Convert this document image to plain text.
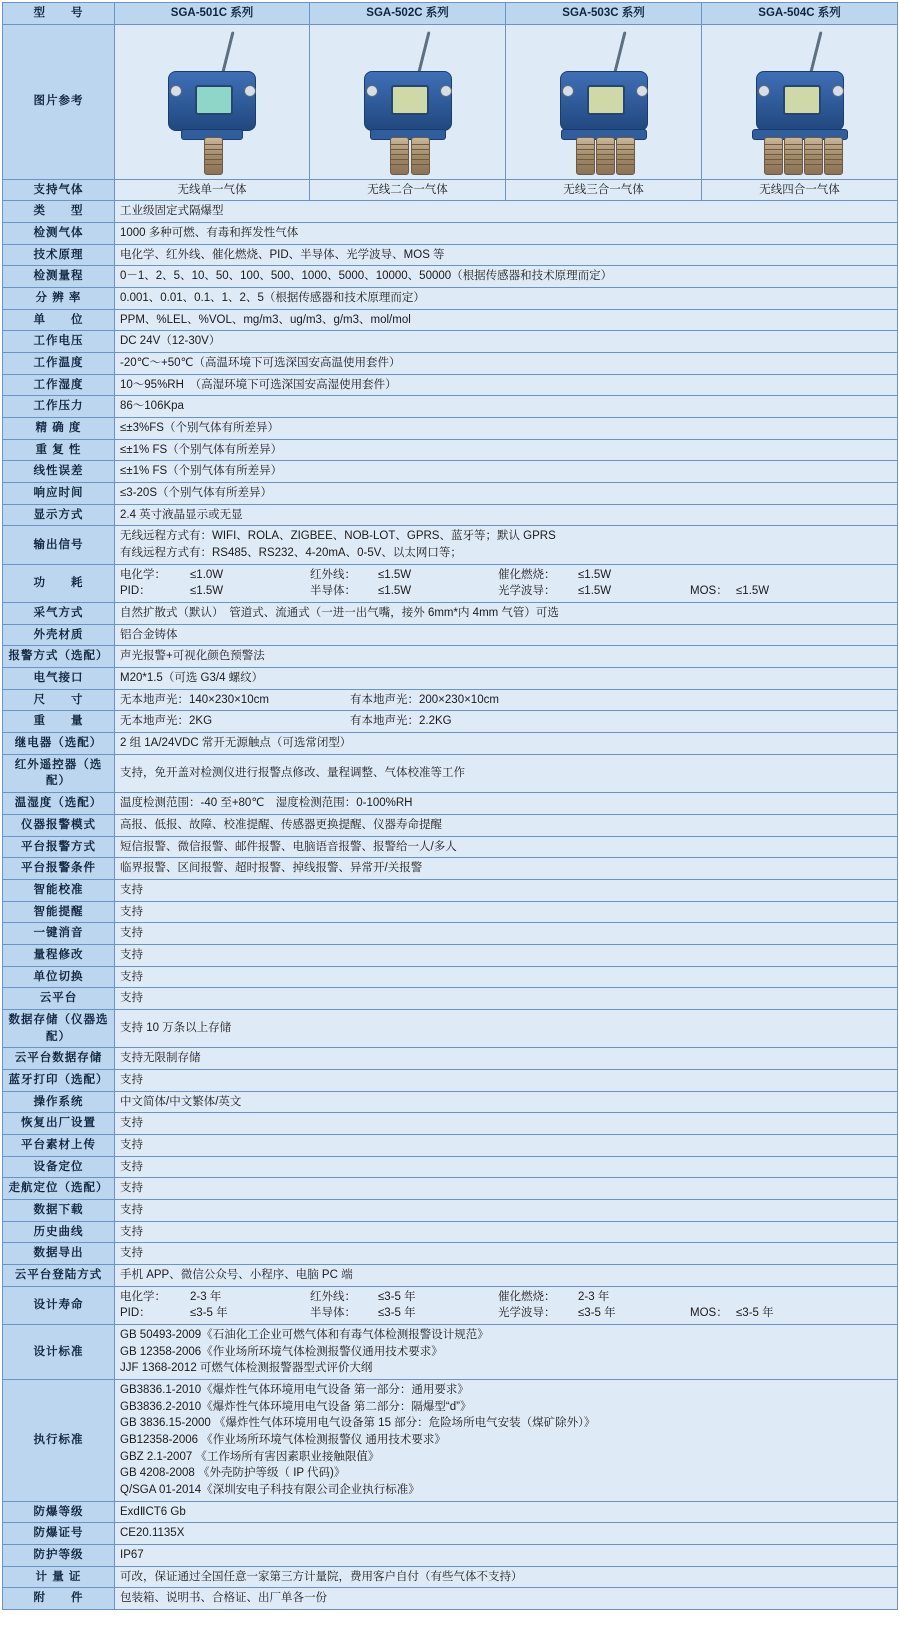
型　　号	SGA-501C 系列	SGA-502C 系列	SGA-503C 系列	SGA-504C 系列
图片参考	

支持气体	无线单一气体	无线二合一气体	无线三合一气体	无线四合一气体
类　　型	工业级固定式隔爆型			
检测气体	1000 多种可燃、有毒和挥发性气体			
技术原理	电化学、红外线、催化燃烧、PID、半导体、光学波导、MOS 等			
检测量程	0－1、2、5、10、50、100、500、1000、5000、10000、50000（根据传感器和技术原理而定）			
分 辨 率	0.001、0.01、0.1、1、2、5（根据传感器和技术原理而定）			
单　　位	PPM、%LEL、%VOL、mg/m3、ug/m3、g/m3、mol/mol			
工作电压	DC 24V（12-30V）			
工作温度	-20℃～+50℃（高温环境下可选深国安高温使用套件）			
工作湿度	10～95%RH　（高湿环境下可选深国安高湿使用套件）			
工作压力	86～106Kpa			
精 确 度	≤±3%FS（个别气体有所差异）			
重 复 性	≤±1% FS（个别气体有所差异）			
线性误差	≤±1% FS（个别气体有所差异）			
响应时间	≤3-20S（个别气体有所差异）			
显示方式	2.4 英寸液晶显示或无显			
输出信号	无线远程方式有：WIFI、ROLA、ZIGBEE、NOB-LOT、GPRS、蓝牙等；默认 GPRS
有线远程方式有：RS485、RS232、4-20mA、0-5V、以太网口等；			

功　　耗	电化学： ≤1.0W 红外线： ≤1.5W 催化燃烧： ≤1.5W
PID： ≤1.5W 半导体： ≤1.5W 光学波导： ≤1.5W MOS： ≤1.5W			

采气方式	自然扩散式（默认）　管道式、流通式（一进一出气嘴，接外 6mm*内 4mm 气管）可选			
外壳材质	铝合金铸体			
报警方式（选配）	声光报警+可视化颜色预警法			
电气接口	M20*1.5（可选 G3/4 螺纹）			
尺　　寸	无本地声光：140×230×10cm 有本地声光：200×230×10cm			
重　　量	无本地声光：2KG 有本地声光：2.2KG			
继电器（选配）	2 组 1A/24VDC 常开无源触点（可选常闭型）			
红外遥控器（选配）	支持，免开盖对检测仪进行报警点修改、量程调整、气体校准等工作			
温湿度（选配）	温度检测范围：-40 至+80℃　湿度检测范围：0-100%RH			
仪器报警模式	高报、低报、故障、校准提醒、传感器更换提醒、仪器寿命提醒			
平台报警方式	短信报警、微信报警、邮件报警、电脑语音报警、报警给一人/多人			
平台报警条件	临界报警、区间报警、超时报警、掉线报警、异常开/关报警			
智能校准	支持			
智能提醒	支持			
一键消音	支持			
量程修改	支持			
单位切换	支持			
云平台	支持			
数据存储（仪器选配）	支持 10 万条以上存储			
云平台数据存储	支持无限制存储			
蓝牙打印（选配）	支持			
操作系统	中文简体/中文繁体/英文			
恢复出厂设置	支持			
平台素材上传	支持			
设备定位	支持			
走航定位（选配）	支持			
数据下载	支持			
历史曲线	支持			
数据导出	支持			
云平台登陆方式	手机 APP、微信公众号、小程序、电脑 PC 端			
设计寿命	电化学： 2-3 年 红外线： ≤3-5 年 催化燃烧： 2-3 年
PID： ≤3-5 年 半导体： ≤3-5 年 光学波导： ≤3-5 年 MOS： ≤3-5 年			

设计标准	GB 50493-2009《石油化工企业可燃气体和有毒气体检测报警设计规范》
GB 12358-2006《作业场所环境气体检测报警仪通用技术要求》
JJF 1368-2012 可燃气体检测报警器型式评价大纲			

执行标准	
GB3836.1-2010《爆炸性气体环境用电气设备 第一部分：通用要求》
GB3836.2-2010《爆炸性气体环境用电气设备 第二部分：隔爆型“d”》
GB 3836.15-2000 《爆炸性气体环境用电气设备第 15 部分：危险场所电气安装（煤矿除外）》
GB12358-2006 《作业场所环境气体检测报警仪 通用技术要求》
GBZ 2.1-2007 《工作场所有害因素职业接触限值》
GB 4208-2008 《外壳防护等级（ IP 代码)》
Q/SGA 01-2014《深圳安电子科技有限公司企业执行标准》

防爆等级	ExdⅡCT6 Gb			
防爆证号	CE20.1135X			
防护等级	IP67			
计 量 证	可改，保证通过全国任意一家第三方计量院，费用客户自付（有些气体不支持）			
附　　件	包装箱、说明书、合格证、出厂单各一份			
